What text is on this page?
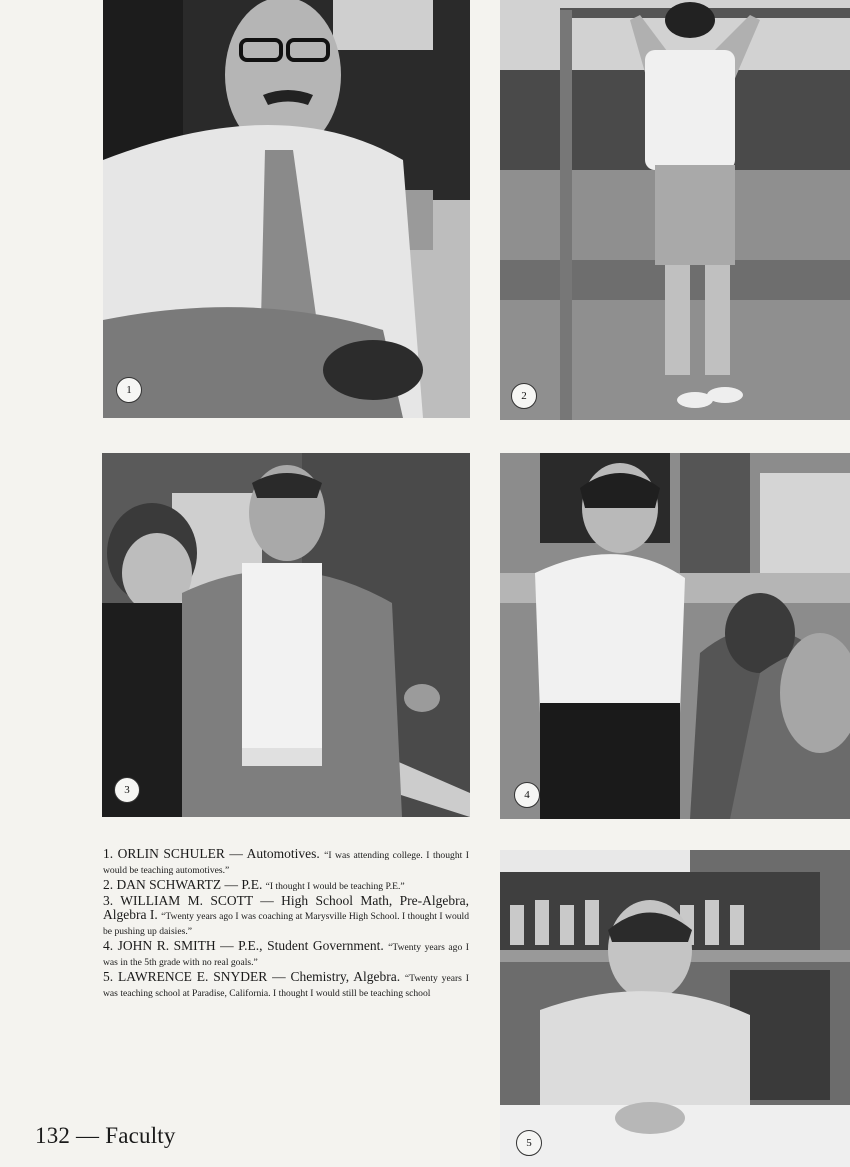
1	2
3	4
5

1. ORLIN SCHULER — Automotives. “I was attending college. I thought I would be teaching automotives.”

2. DAN SCHWARTZ — P.E. “I thought I would be teaching P.E.”

3. WILLIAM M. SCOTT — High School Math, Pre-Algebra, Algebra I. “Twenty years ago I was coaching at Marysville High School. I thought I would be pushing up daisies.”

4. JOHN R. SMITH — P.E., Student Government. “Twenty years ago I was in the 5th grade with no real goals.”

5. LAWRENCE E. SNYDER — Chemistry, Algebra. “Twenty years I was teaching school at Paradise, California. I thought I would still be teaching school

132 — Faculty
